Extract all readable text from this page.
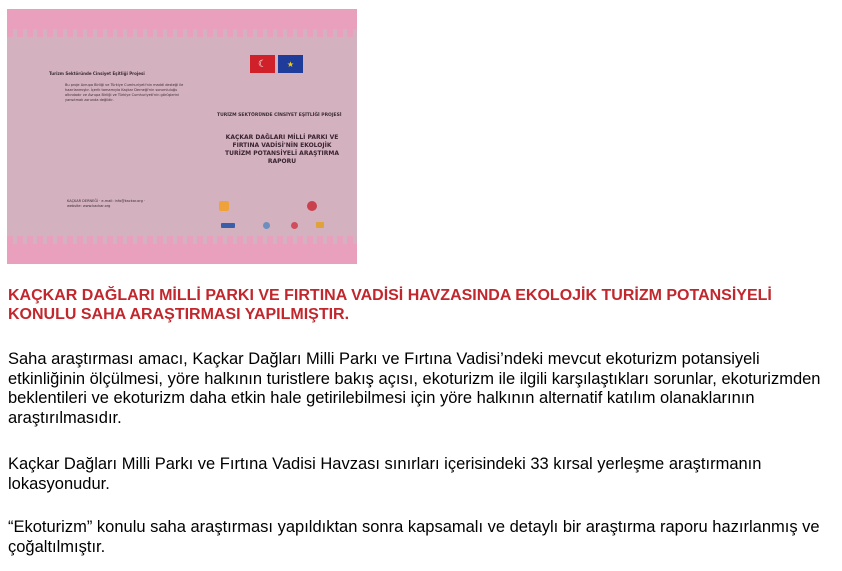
Turizm Sektöründe Cinsiyet Eşitliği Projesi
Bu proje Avrupa Birliği ve Türkiye Cumhuriyeti'nin maddi desteği ile hazırlanmıştır. İçerik tamamıyla Kaçkar Derneği'nin sorumluluğu altındadır ve Avrupa Birliği ve Türkiye Cumhuriyeti'nin görüşlerini yansıtmak zorunda değildir.
KAÇKAR DERNEĞİ · e-mail: info@kackar.org · website: www.kackar.org
☾	★
TURİZM SEKTÖRÜNDE CİNSİYET EŞİTLİĞİ PROJESİ
KAÇKAR DAĞLARI MİLLİ PARKI VE FIRTINA VADİSİ'NİN EKOLOJİK TURİZM POTANSİYELİ ARAŞTIRMA RAPORU
KAÇKAR DAĞLARI MİLLİ PARKI VE FIRTINA VADİSİ HAVZASINDA EKOLOJİK TURİZM POTANSİYELİ KONULU SAHA ARAŞTIRMASI YAPILMIŞTIR.

Saha araştırması amacı, Kaçkar Dağları Milli Parkı ve Fırtına Vadisi’ndeki mevcut ekoturizm potansiyeli etkinliğinin ölçülmesi, yöre halkının turistlere bakış açısı, ekoturizm ile ilgili karşılaştıkları sorunlar, ekoturizmden beklentileri ve ekoturizm daha etkin hale getirilebilmesi için yöre halkının alternatif katılım olanaklarının araştırılmasıdır.

Kaçkar Dağları Milli Parkı ve Fırtına Vadisi Havzası sınırları içerisindeki 33 kırsal yerleşme araştırmanın lokasyonudur.

“Ekoturizm” konulu saha araştırması yapıldıktan sonra kapsamalı ve detaylı bir araştırma raporu hazırlanmış ve çoğaltılmıştır.
